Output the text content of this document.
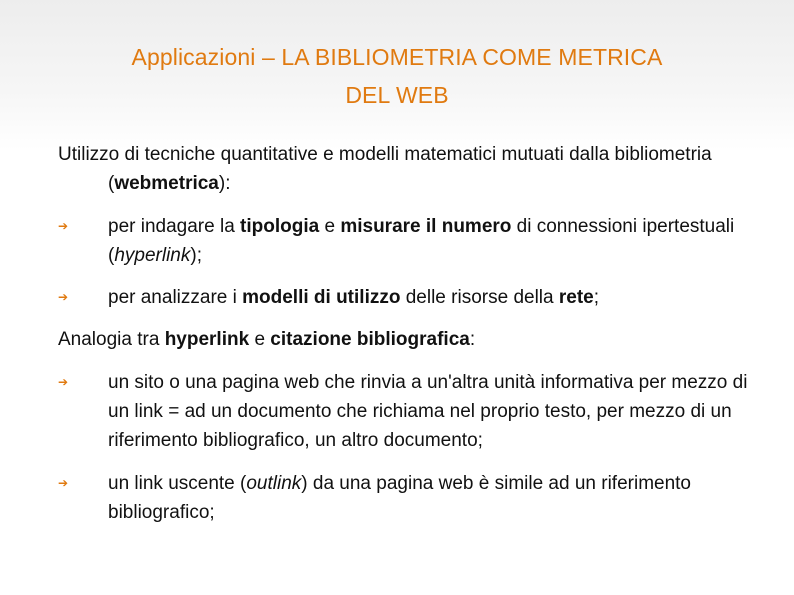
Applicazioni – LA BIBLIOMETRIA COME METRICA
DEL WEB

Utilizzo di tecniche quantitative e modelli matematici mutuati dalla bibliometria (webmetrica):

➔ per indagare la tipologia e misurare il numero di connessioni ipertestuali (hyperlink);
➔ per analizzare i modelli di utilizzo delle risorse della rete;

Analogia tra hyperlink e citazione bibliografica:

➔ un sito o una pagina web che rinvia a un'altra unità informativa per mezzo di un link = ad un documento che richiama nel proprio testo, per mezzo di un riferimento bibliografico, un altro documento;
➔ un link uscente (outlink) da una pagina web è simile ad un riferimento bibliografico;
